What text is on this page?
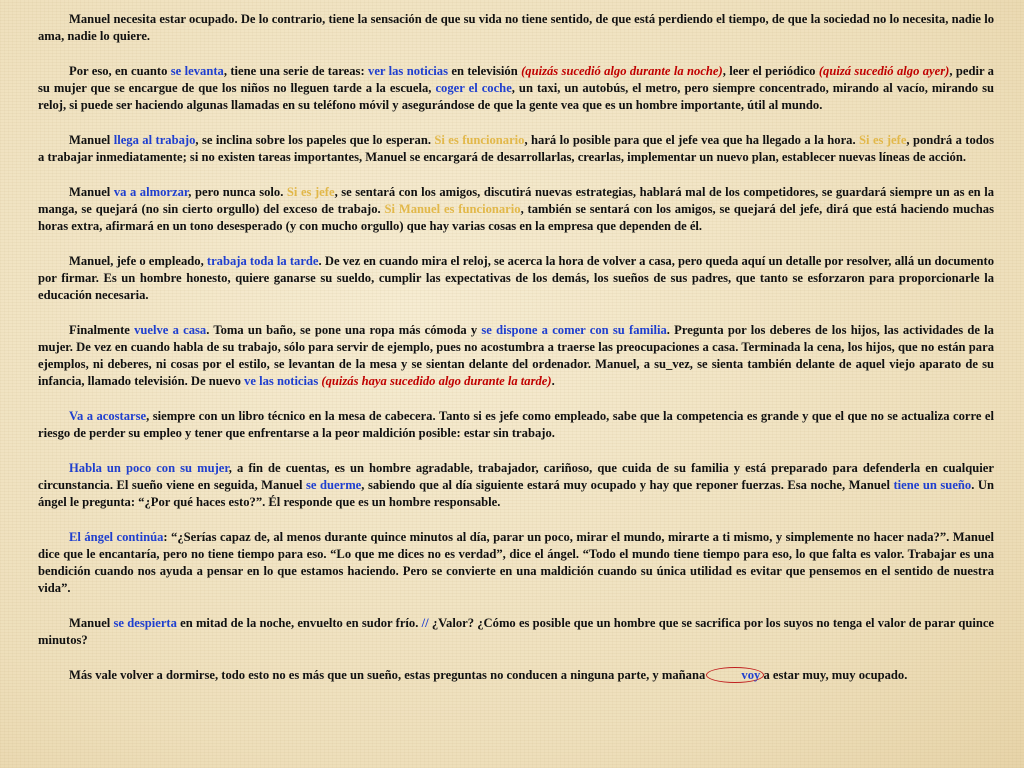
Manuel necesita estar ocupado. De lo contrario, tiene la sensación de que su vida no tiene sentido, de que está perdiendo el tiempo, de que la sociedad no lo necesita, nadie lo ama, nadie lo quiere.

Por eso, en cuanto se levanta, tiene una serie de tareas: ver las noticias en televisión (quizás sucedió algo durante la noche), leer el periódico (quizá sucedió algo ayer), pedir a su mujer que se encargue de que los niños no lleguen tarde a la escuela, coger el coche, un taxi, un autobús, el metro, pero siempre concentrado, mirando al vacío, mirando su reloj, si puede ser haciendo algunas llamadas en su teléfono móvil y asegurándose de que la gente vea que es un hombre importante, útil al mundo.

Manuel llega al trabajo, se inclina sobre los papeles que lo esperan. Si es funcionario, hará lo posible para que el jefe vea que ha llegado a la hora. Si es jefe, pondrá a todos a trabajar inmediatamente; si no existen tareas importantes, Manuel se encargará de desarrollarlas, crearlas, implementar un nuevo plan, establecer nuevas líneas de acción.

Manuel va a almorzar, pero nunca solo. Si es jefe, se sentará con los amigos, discutirá nuevas estrategias, hablará mal de los competidores, se guardará siempre un as en la manga, se quejará (no sin cierto orgullo) del exceso de trabajo. Si Manuel es funcionario, también se sentará con los amigos, se quejará del jefe, dirá que está haciendo muchas horas extra, afirmará en un tono desesperado (y con mucho orgullo) que hay varias cosas en la empresa que dependen de él.

Manuel, jefe o empleado, trabaja toda la tarde. De vez en cuando mira el reloj, se acerca la hora de volver a casa, pero queda aquí un detalle por resolver, allá un documento por firmar. Es un hombre honesto, quiere ganarse su sueldo, cumplir las expectativas de los demás, los sueños de sus padres, que tanto se esforzaron para proporcionarle la educación necesaria.

Finalmente vuelve a casa. Toma un baño, se pone una ropa más cómoda y se dispone a comer con su familia. Pregunta por los deberes de los hijos, las actividades de la mujer. De vez en cuando habla de su trabajo, sólo para servir de ejemplo, pues no acostumbra a traerse las preocupaciones a casa. Terminada la cena, los hijos, que no están para ejemplos, ni deberes, ni cosas por el estilo, se levantan de la mesa y se sientan delante del ordenador. Manuel, a su_vez, se sienta también delante de aquel viejo aparato de su infancia, llamado televisión. De nuevo ve las noticias (quizás haya sucedido algo durante la tarde).

Va a acostarse, siempre con un libro técnico en la mesa de cabecera. Tanto si es jefe como empleado, sabe que la competencia es grande y que el que no se actualiza corre el riesgo de perder su empleo y tener que enfrentarse a la peor maldición posible: estar sin trabajo.

Habla un poco con su mujer, a fin de cuentas, es un hombre agradable, trabajador, cariñoso, que cuida de su familia y está preparado para defenderla en cualquier circunstancia. El sueño viene en seguida, Manuel se duerme, sabiendo que al día siguiente estará muy ocupado y hay que reponer fuerzas. Esa noche, Manuel tiene un sueño. Un ángel le pregunta: “¿Por qué haces esto?”. Él responde que es un hombre responsable.

El ángel continúa: “¿Serías capaz de, al menos durante quince minutos al día, parar un poco, mirar el mundo, mirarte a ti mismo, y simplemente no hacer nada?”. Manuel dice que le encantaría, pero no tiene tiempo para eso. “Lo que me dices no es verdad”, dice el ángel. “Todo el mundo tiene tiempo para eso, lo que falta es valor. Trabajar es una bendición cuando nos ayuda a pensar en lo que estamos haciendo. Pero se convierte en una maldición cuando su única utilidad es evitar que pensemos en el sentido de nuestra vida”.

Manuel se despierta en mitad de la noche, envuelto en sudor frío. // ¿Valor? ¿Cómo es posible que un hombre que se sacrifica por los suyos no tenga el valor de parar quince minutos?

Más vale volver a dormirse, todo esto no es más que un sueño, estas preguntas no conducen a ninguna parte, y mañana	voy a estar muy, muy ocupado.
